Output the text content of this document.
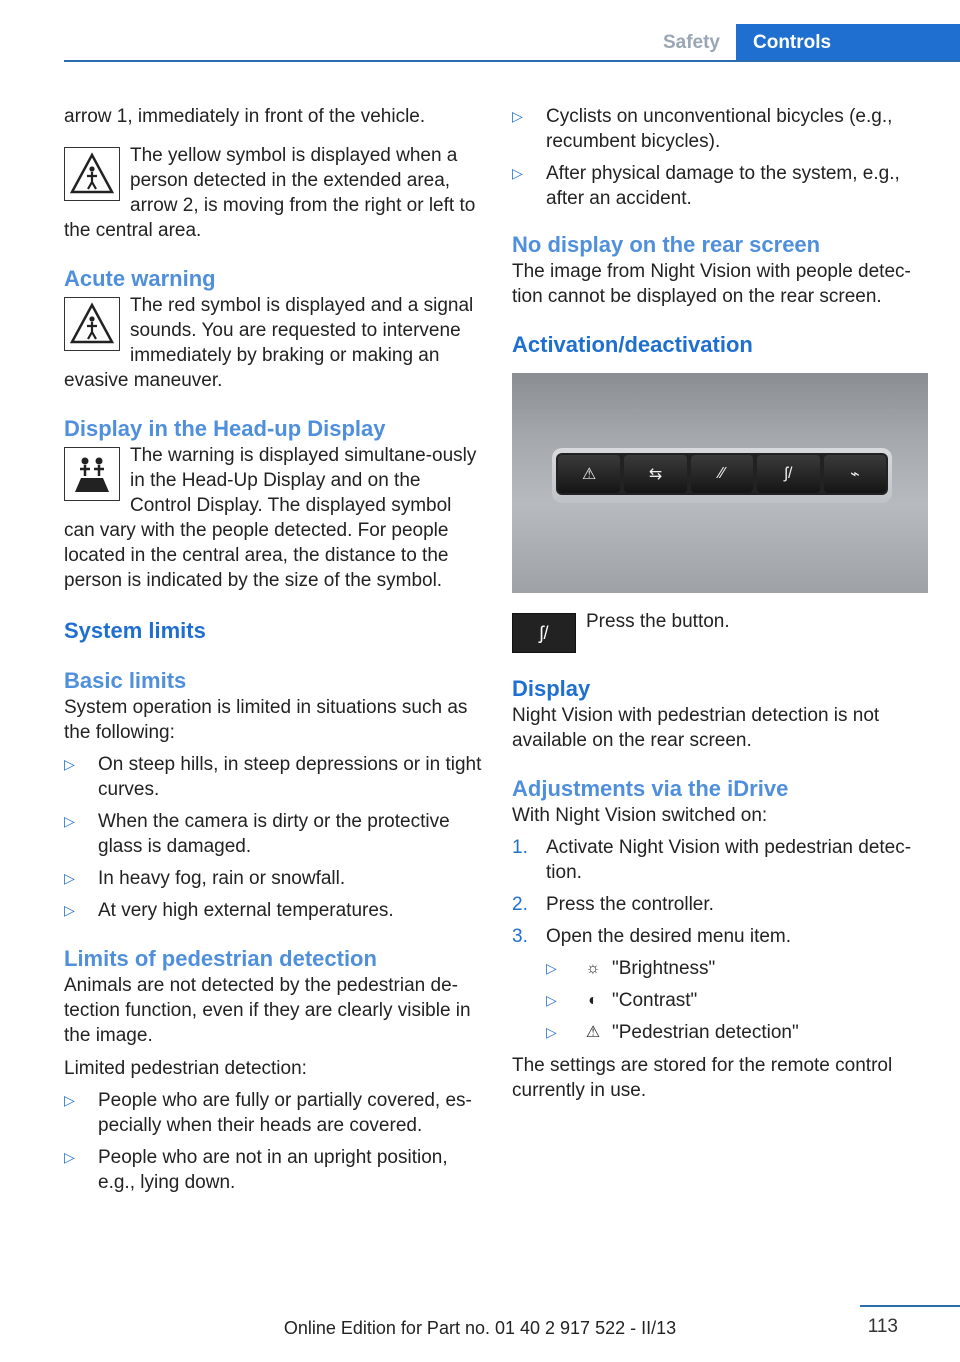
Safety	Controls

arrow 1, immediately in front of the vehicle.

The yellow symbol is displayed when a person detected in the extended area, arrow 2, is moving from the right or left to the central area.

Acute warning

The red symbol is displayed and a signal sounds. You are requested to intervene immediately by braking or making an evasive maneuver.

Display in the Head-up Display

The warning is displayed simultane‐ously in the Head-Up Display and on the Control Display. The displayed symbol can vary with the people detected. For people located in the central area, the distance to the person is indicated by the size of the symbol.

System limits
Basic limits

System operation is limited in situations such as the following:

▷ On steep hills, in steep depressions or in tight curves.
▷ When the camera is dirty or the protective glass is damaged.
▷ In heavy fog, rain or snowfall.
▷ At very high external temperatures.
Limits of pedestrian detection

Animals are not detected by the pedestrian de‐tection function, even if they are clearly visible in the image.

Limited pedestrian detection:

▷ People who are fully or partially covered, es‐pecially when their heads are covered.
▷ People who are not in an upright position, e.g., lying down.
▷ Cyclists on unconventional bicycles (e.g., recumbent bicycles).
▷ After physical damage to the system, e.g., after an accident.
No display on the rear screen

The image from Night Vision with people detec‐tion cannot be displayed on the rear screen.

Activation/deactivation
⚠	⇆	⁄⁄	ʃ/	⌁
ʃ/

Press the button.

Display

Night Vision with pedestrian detection is not available on the rear screen.

Adjustments via the iDrive

With Night Vision switched on:

1. Activate Night Vision with pedestrian detec‐tion.
2. Press the controller.
3. Open the desired menu item.
▷	☼ "Brightness"
▷	◐ "Contrast"
▷	⚠ "Pedestrian detection"

The settings are stored for the remote control currently in use.

113
Online Edition for Part no. 01 40 2 917 522 - II/13
